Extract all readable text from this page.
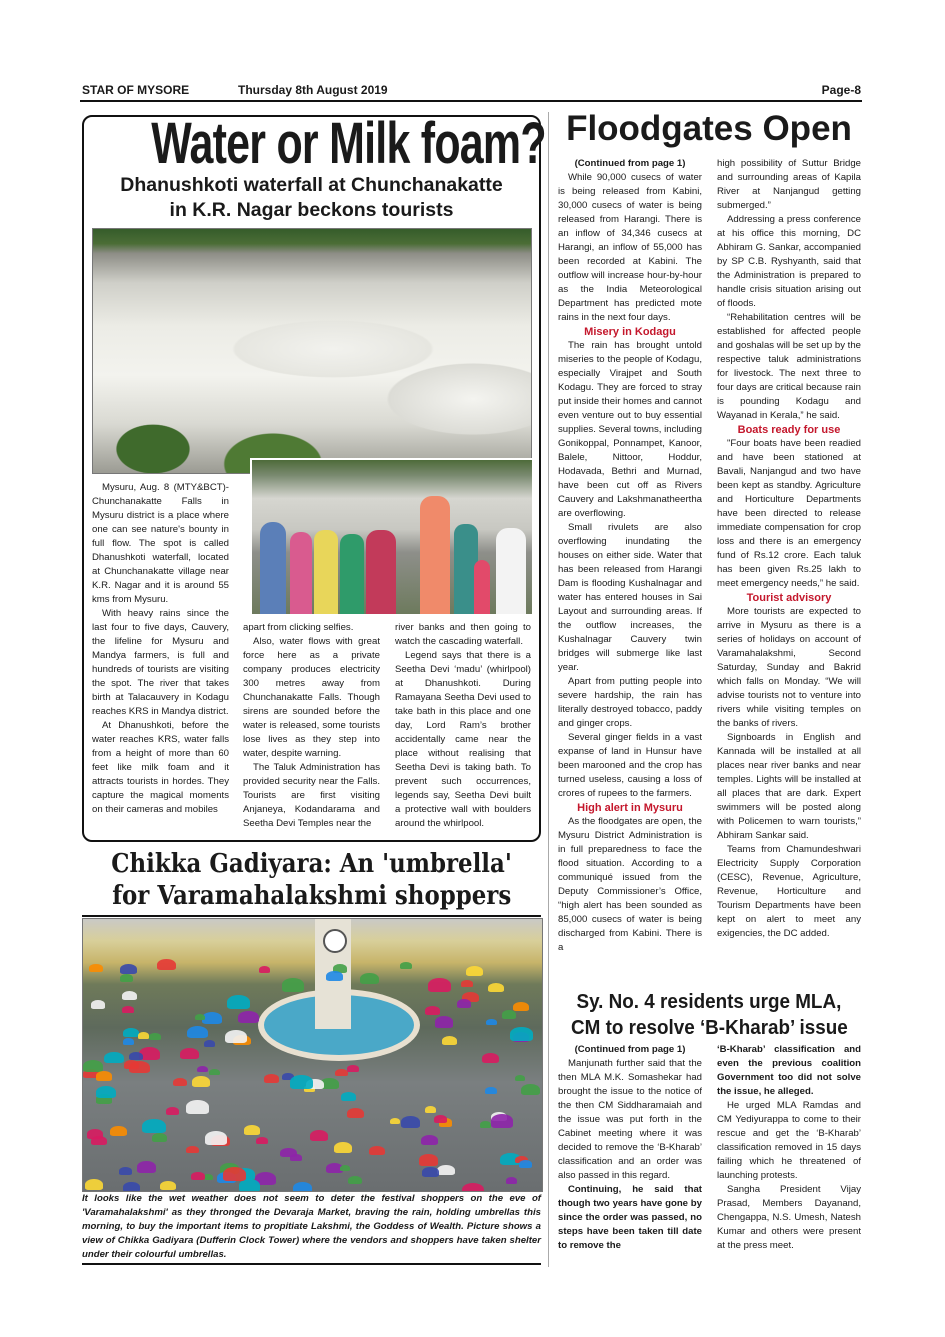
STAR OF MYSORE	Thursday 8th August 2019	Page-8
Water or Milk foam?
Dhanushkoti waterfall at Chunchanakatte
in K.R. Nagar beckons tourists

Mysuru, Aug. 8 (MTY&BCT)- Chunchanakatte Falls in Mysuru district is a place where one can see nature's bounty in full flow. The spot is called Dhanushkoti waterfall, located at Chunchanakatte village near K.R. Nagar and it is around 55 kms from Mysuru.

With heavy rains since the last four to five days, Cauvery, the lifeline for Mysuru and Mandya farmers, is full and hundreds of tourists are visiting the spot. The river that takes birth at Talacauvery in Kodagu reaches KRS in Mandya district.

At Dhanushkoti, before the water reaches KRS, water falls from a height of more than 60 feet like milk foam and it attracts tourists in hordes. They capture the magical moments on their cameras and mobiles

apart from clicking selfies.

Also, water flows with great force here as a private company produces electricity 300 metres away from Chunchanakatte Falls. Though sirens are sounded before the water is released, some tourists lose lives as they step into water, despite warning.

The Taluk Administration has provided security near the Falls. Tourists are first visiting Anjaneya, Kodandarama and Seetha Devi Temples near the

river banks and then going to watch the cascading waterfall.

Legend says that there is a Seetha Devi ‘madu’ (whirlpool) at Dhanushkoti. During Ramayana Seetha Devi used to take bath in this place and one day, Lord Ram’s brother accidentally came near the place without realising that Seetha Devi is taking bath. To prevent such occurrences, legends say, Seetha Devi built a protective wall with boulders around the whirlpool.

Chikka Gadiyara: An 'umbrella'
for Varamahalakshmi shoppers
It looks like the wet weather does not seem to deter the festival shoppers on the eve of 'Varamahalakshmi' as they thronged the Devaraja Market, braving the rain, holding umbrellas this morning, to buy the important items to propitiate Lakshmi, the Goddess of Wealth. Picture shows a view of Chikka Gadiyara (Dufferin Clock Tower) where the vendors and shoppers have taken shelter under their colourful umbrellas.
Floodgates Open

(Continued from page 1)

While 90,000 cusecs of water is being released from Kabini, 30,000 cusecs of water is being released from Harangi. There is an inflow of 34,346 cusecs at Harangi, an inflow of 55,000 has been recorded at Kabini. The outflow will increase hour-by-hour as the India Meteorological Department has predicted mote rains in the next four days.

Misery in Kodagu

The rain has brought untold miseries to the people of Kodagu, especially Virajpet and South Kodagu. They are forced to stray put inside their homes and cannot even venture out to buy essential supplies. Several towns, including Gonikoppal, Ponnampet, Kanoor, Balele, Nittoor, Hoddur, Hodavada, Bethri and Murnad, have been cut off as Rivers Cauvery and Lakshmanatheertha are overflowing.

Small rivulets are also overflowing inundating the houses on either side. Water that has been released from Harangi Dam is flooding Kushalnagar and water has entered houses in Sai Layout and surrounding areas. If the outflow increases, the Kushalnagar Cauvery twin bridges will submerge like last year.

Apart from putting people into severe hardship, the rain has literally destroyed tobacco, paddy and ginger crops.

Several ginger fields in a vast expanse of land in Hunsur have been marooned and the crop has turned useless, causing a loss of crores of rupees to the farmers.

High alert in Mysuru

As the floodgates are open, the Mysuru District Administration is in full preparedness to face the flood situation. According to a communiqué issued from the Deputy Commissioner’s Office, “high alert has been sounded as 85,000 cusecs of water is being discharged from Kabini. There is a

high possibility of Suttur Bridge and surrounding areas of Kapila River at Nanjangud getting submerged.”

Addressing a press conference at his office this morning, DC Abhiram G. Sankar, accompanied by SP C.B. Ryshyanth, said that the Administration is prepared to handle crisis situation arising out of floods.

“Rehabilitation centres will be established for affected people and goshalas will be set up by the respective taluk administrations for livestock. The next three to four days are critical because rain is pounding Kodagu and Wayanad in Kerala,” he said.

Boats ready for use

"Four boats have been readied and have been stationed at Bavali, Nanjangud and two have been kept as standby. Agriculture and Horticulture Departments have been directed to release immediate compensation for crop loss and there is an emergency fund of Rs.12 crore. Each taluk has been given Rs.25 lakh to meet emergency needs,” he said.

Tourist advisory

More tourists are expected to arrive in Mysuru as there is a series of holidays on account of Varamahalakshmi, Second Saturday, Sunday and Bakrid which falls on Monday. “We will advise tourists not to venture into rivers while visiting temples on the banks of rivers.

Signboards in English and Kannada will be installed at all places near river banks and near temples. Lights will be installed at all places that are dark. Expert swimmers will be posted along with Policemen to warn tourists,” Abhiram Sankar said.

Teams from Chamundeshwari Electricity Supply Corporation (CESC), Revenue, Agriculture, Revenue, Horticulture and Tourism Departments have been kept on alert to meet any exigencies, the DC added.

Sy. No. 4 residents urge MLA,
CM to resolve ‘B-Kharab’ issue

(Continued from page 1)

Manjunath further said that the then MLA M.K. Somashekar had brought the issue to the notice of the then CM Siddharamaiah and the issue was put forth in the Cabinet meeting where it was decided to remove the ‘B-Kharab’ classification and an order was also passed in this regard.

Continuing, he said that though two years have gone by since the order was passed, no steps have been taken till date to remove the

‘B-Kharab’ classification and even the previous coalition Government too did not solve the issue, he alleged.

He urged MLA Ramdas and CM Yediyurappa to come to their rescue and get the ‘B-Kharab’ classification removed in 15 days failing which he threatened of launching protests.

Sangha President Vijay Prasad, Members Dayanand, Chengappa, N.S. Umesh, Natesh Kumar and others were present at the press meet.
